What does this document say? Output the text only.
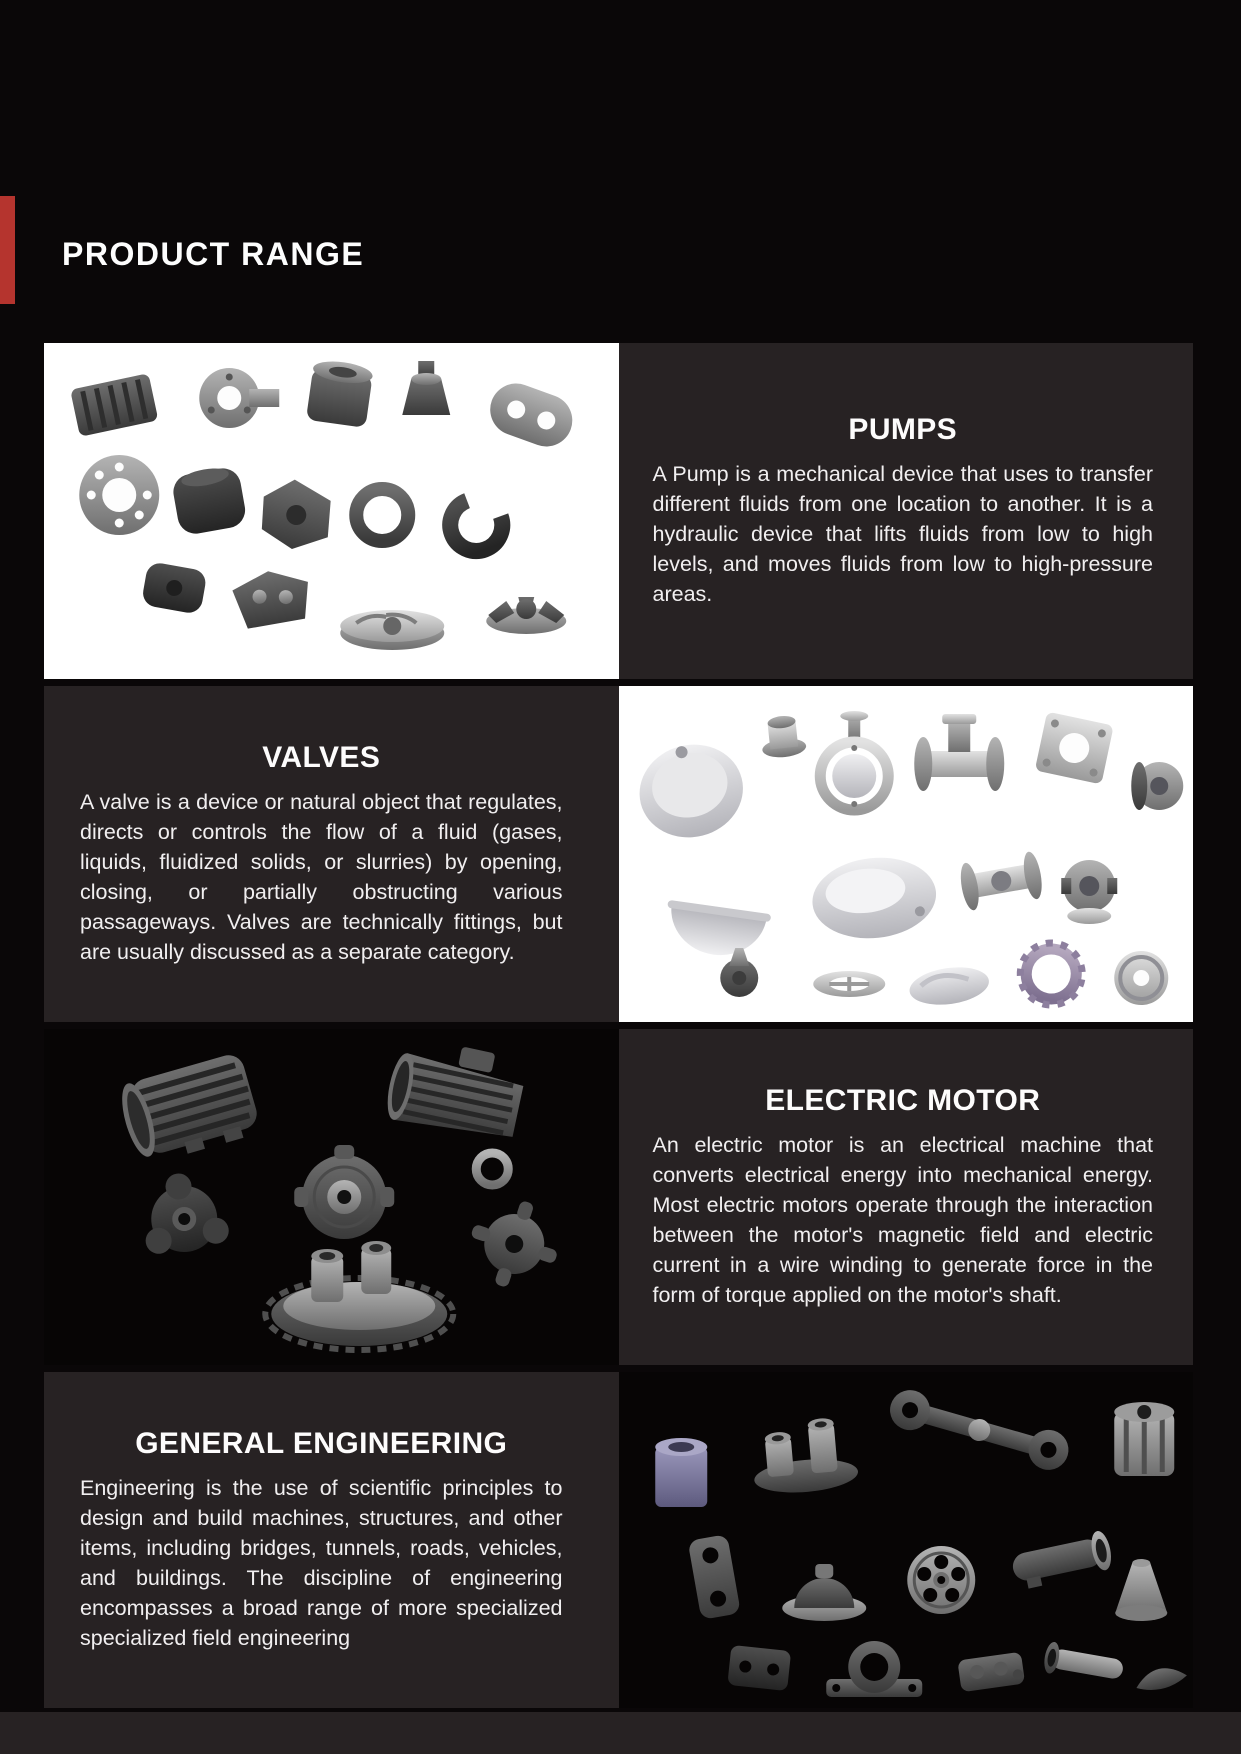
PRODUCT RANGE
PUMPS

A Pump is a mechanical device that uses to transfer different fluids from one location to another. It is a hydraulic device that lifts fluids from low to high levels, and moves fluids from low to high-pressure areas.

VALVES

A valve is a device or natural object that regulates, directs or controls the flow of a fluid (gases, liquids, fluidized solids, or slurries) by opening, closing, or partially obstructing various passageways. Valves are technically fittings, but are usually discussed as a separate category.

ELECTRIC MOTOR

An electric motor is an electrical machine that converts electrical energy into mechanical energy. Most electric motors operate through the interaction between the motor's magnetic field and electric current in a wire winding to generate force in the form of torque applied on the motor's shaft.

GENERAL ENGINEERING

Engineering is the use of scientific principles to design and build machines, structures, and other items, including bridges, tunnels, roads, vehicles, and buildings. The discipline of engineering encompasses a broad range of more specialized specialized field engineering
